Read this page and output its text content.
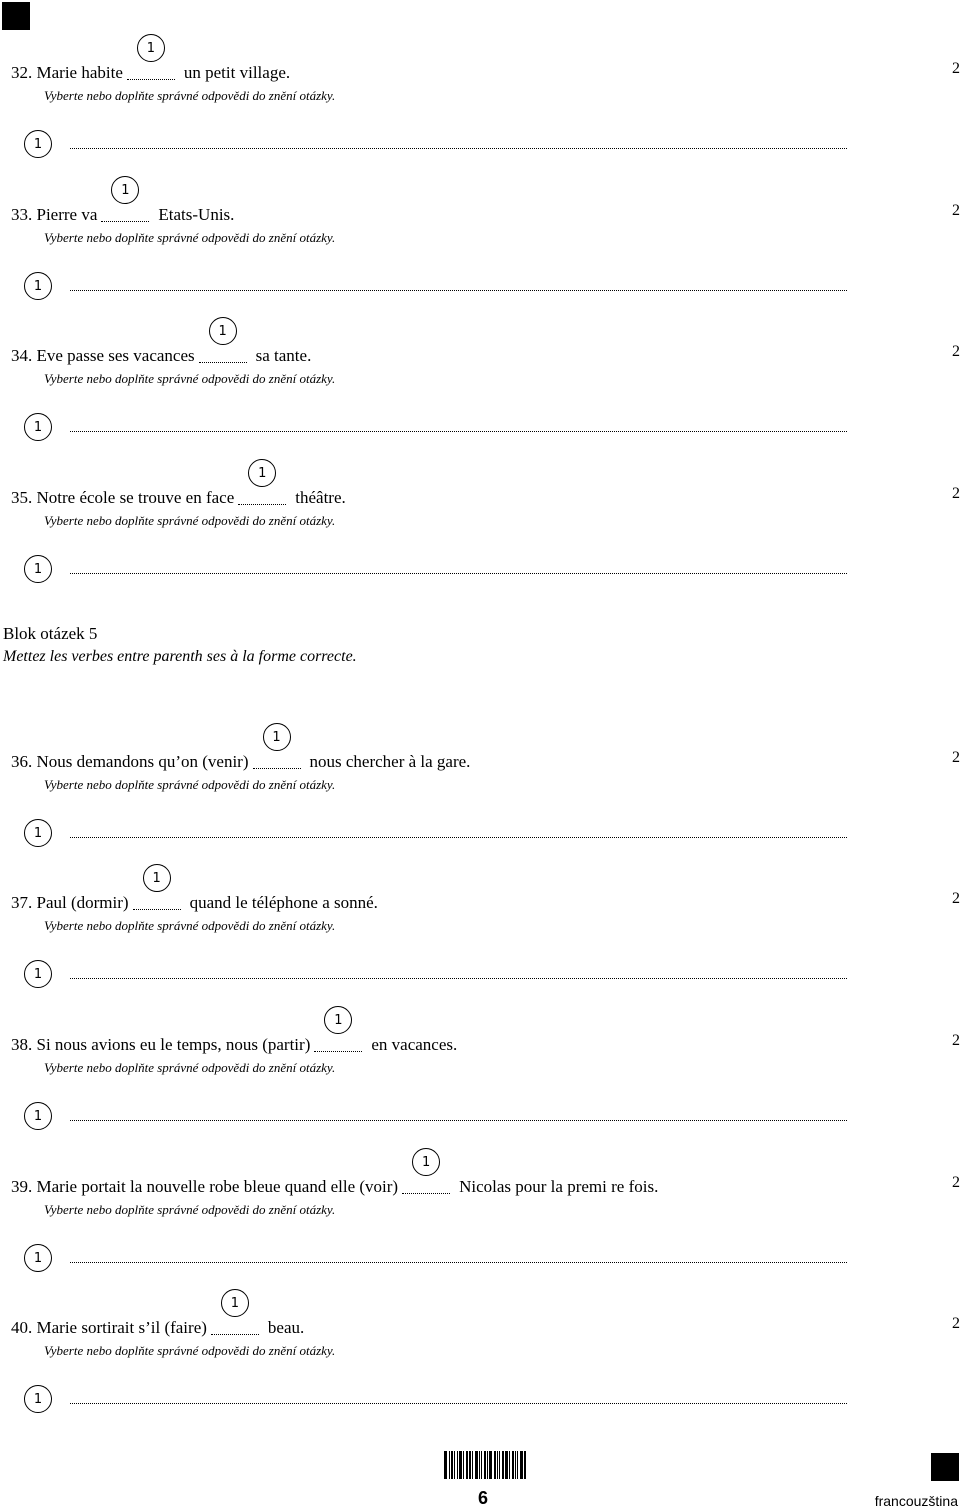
32. Marie habite
1
un petit village.	2
Vyberte nebo doplňte správné odpovědi do znění otázky.
1
33. Pierre va
1
Etats-Unis.	2
Vyberte nebo doplňte správné odpovědi do znění otázky.
1
34. Eve passe ses vacances
1
sa tante.	2
Vyberte nebo doplňte správné odpovědi do znění otázky.
1
35. Notre école se trouve en face
1
théâtre.	2
Vyberte nebo doplňte správné odpovědi do znění otázky.
1
36. Nous demandons qu’on (venir)
1
nous chercher à la gare.	2
Vyberte nebo doplňte správné odpovědi do znění otázky.
1
37. Paul (dormir)
1
quand le téléphone a sonné.	2
Vyberte nebo doplňte správné odpovědi do znění otázky.
1
38. Si nous avions eu le temps, nous (partir)
1
en vacances.	2
Vyberte nebo doplňte správné odpovědi do znění otázky.
1
39. Marie portait la nouvelle robe bleue quand elle (voir)
1
Nicolas pour la premi re fois.	2
Vyberte nebo doplňte správné odpovědi do znění otázky.
1
40. Marie sortirait s’il (faire)
1
beau.	2
Vyberte nebo doplňte správné odpovědi do znění otázky.
1
Blok otázek 5
Mettez les verbes entre parenth ses à la forme correcte.
6	francouzština
